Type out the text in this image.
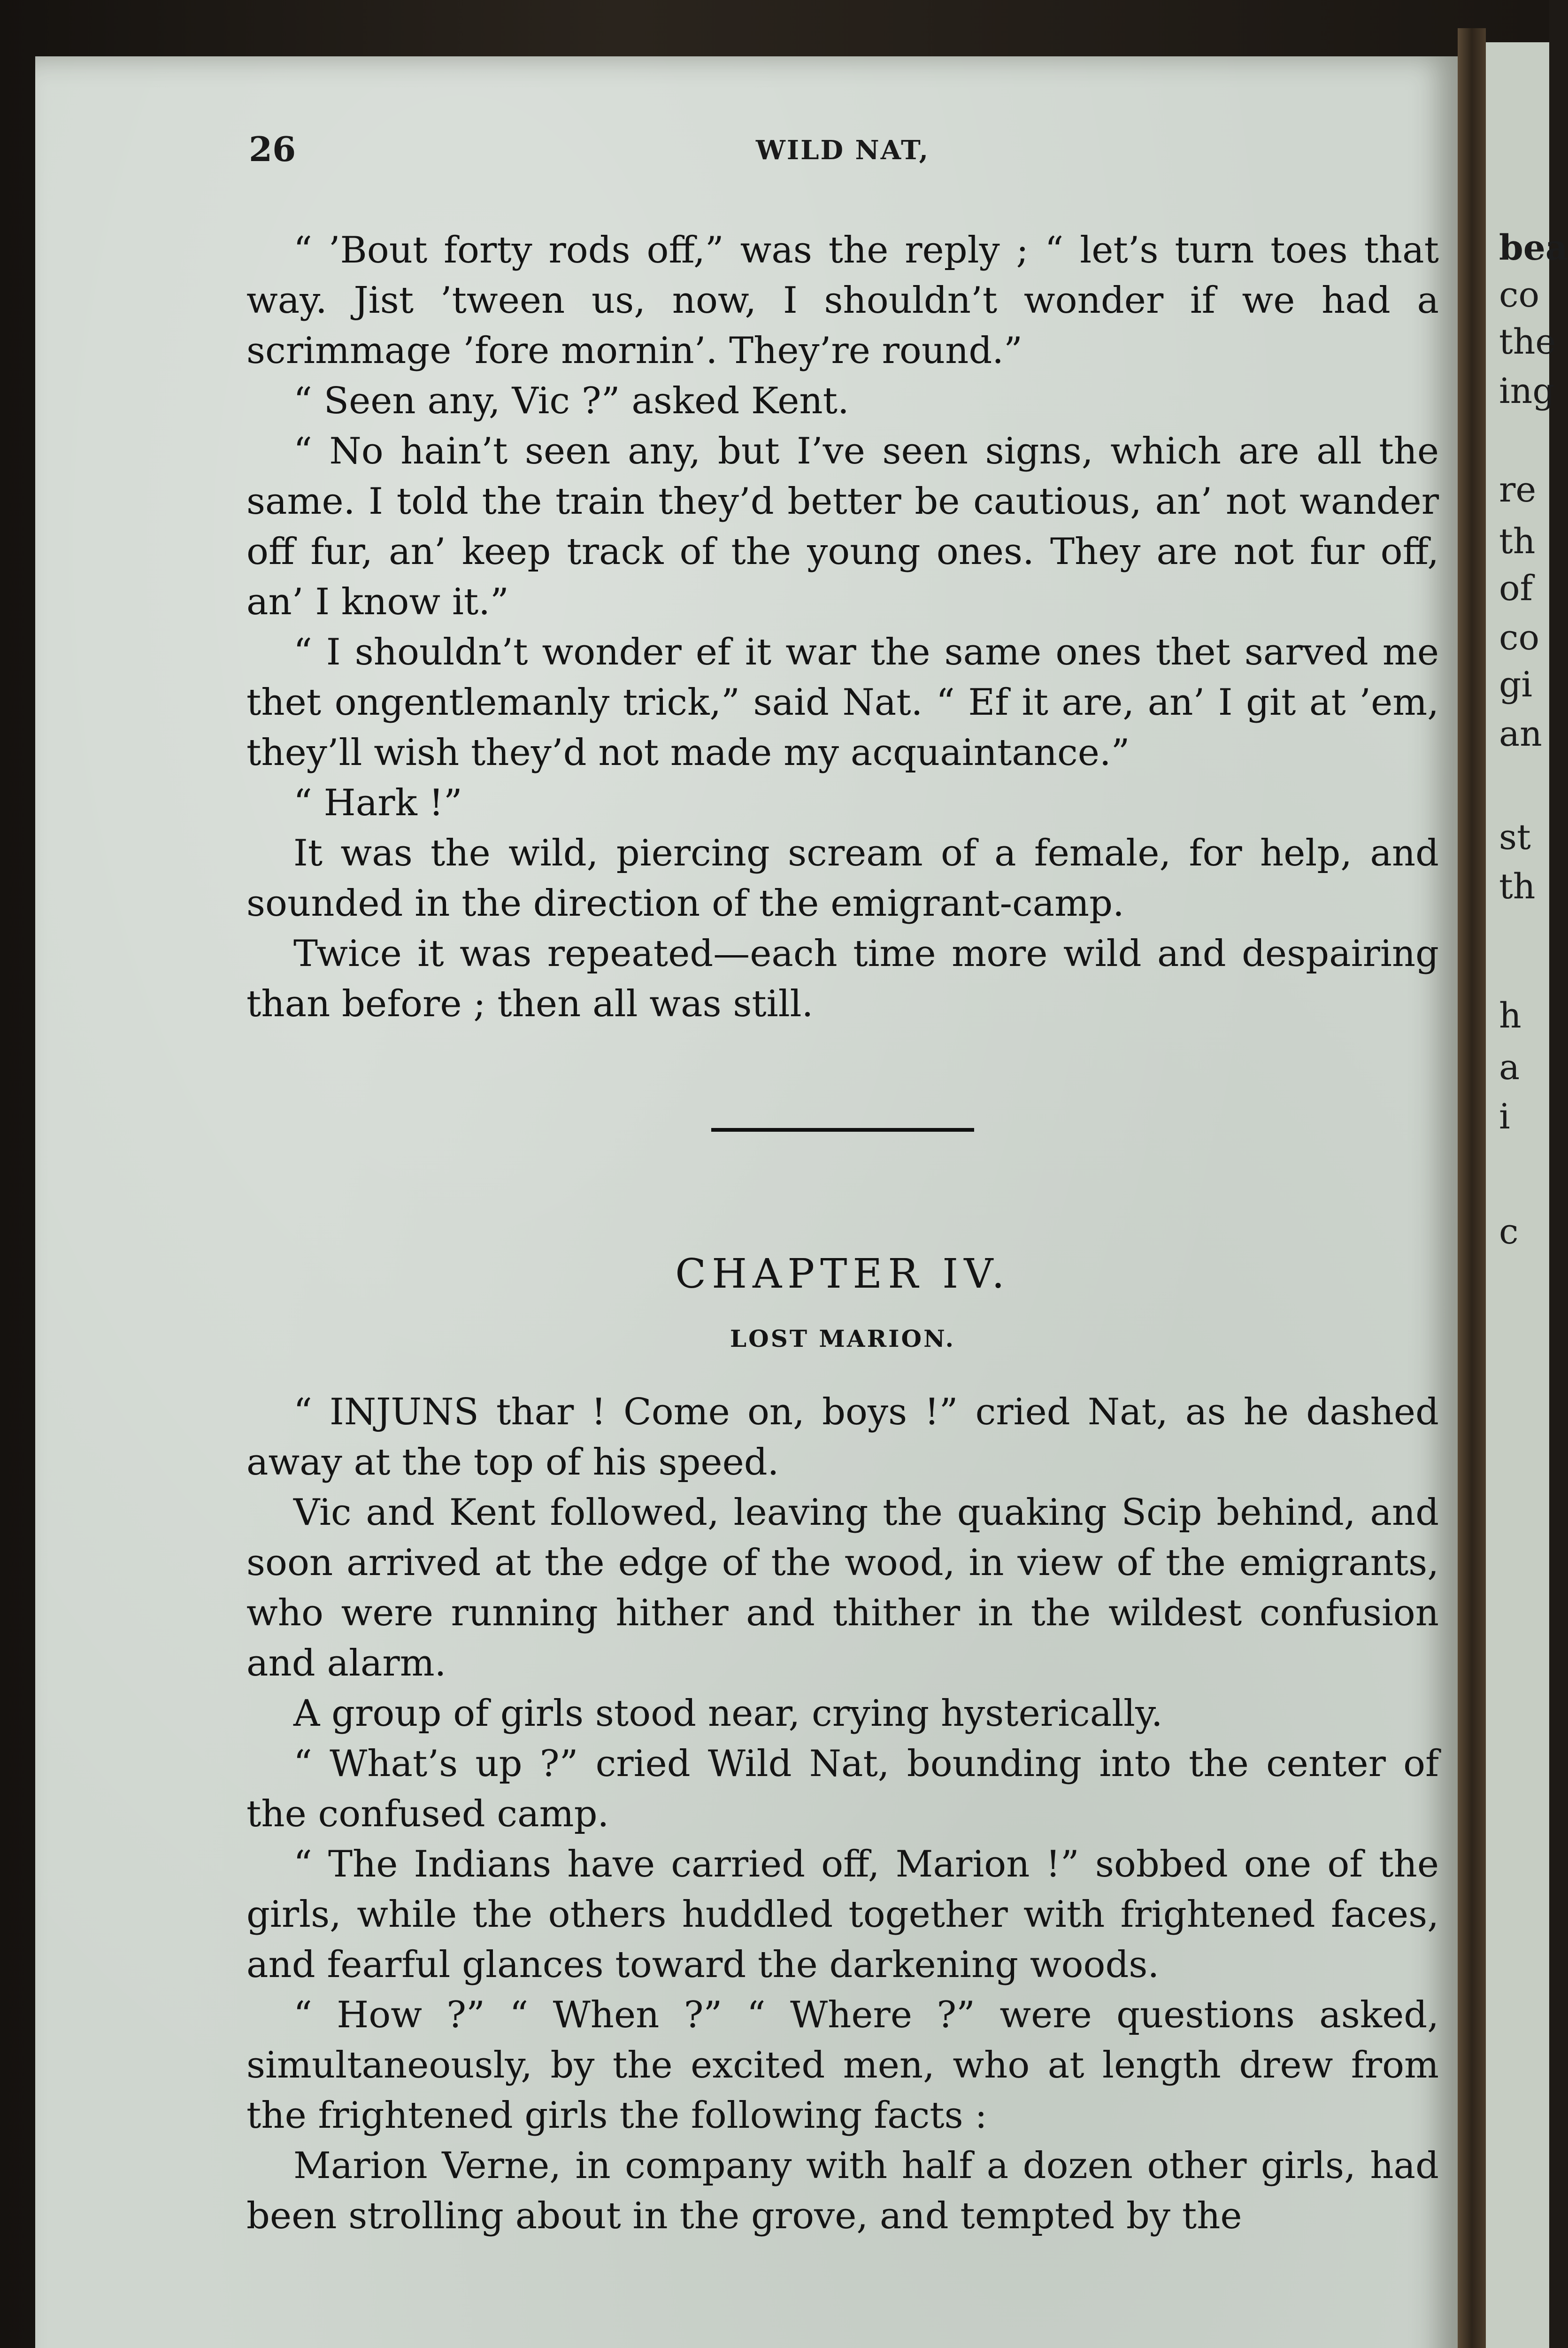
bea
co
the
ing
re
th
of
co
gi
an
st
th
h
a
i
c
26	WILD NAT,

“ ’Bout forty rods off,” was the reply ; “ let’s turn toes that way. Jist ’tween us, now, I shouldn’t wonder if we had a scrimmage ’fore mornin’. They’re round.”

“ Seen any, Vic ?” asked Kent.

“ No hain’t seen any, but I’ve seen signs, which are all the same. I told the train they’d better be cautious, an’ not wander off fur, an’ keep track of the young ones. They are not fur off, an’ I know it.”

“ I shouldn’t wonder ef it war the same ones thet sarved me thet ongentlemanly trick,” said Nat. “ Ef it are, an’ I git at ’em, they’ll wish they’d not made my acquaintance.”

“ Hark !”

It was the wild, piercing scream of a female, for help, and sounded in the direction of the emigrant-camp.

Twice it was repeated—each time more wild and despairing than before ; then all was still.

CHAPTER IV.
LOST MARION.

“ INJUNS thar ! Come on, boys !” cried Nat, as he dashed away at the top of his speed.

Vic and Kent followed, leaving the quaking Scip behind, and soon arrived at the edge of the wood, in view of the emigrants, who were running hither and thither in the wildest confusion and alarm.

A group of girls stood near, crying hysterically.

“ What’s up ?” cried Wild Nat, bounding into the center of the confused camp.

“ The Indians have carried off, Marion !” sobbed one of the girls, while the others huddled together with frightened faces, and fearful glances toward the darkening woods.

“ How ?” “ When ?” “ Where ?” were questions asked, simultaneously, by the excited men, who at length drew from the frightened girls the following facts :

Marion Verne, in company with half a dozen other girls, had been strolling about in the grove, and tempted by the
